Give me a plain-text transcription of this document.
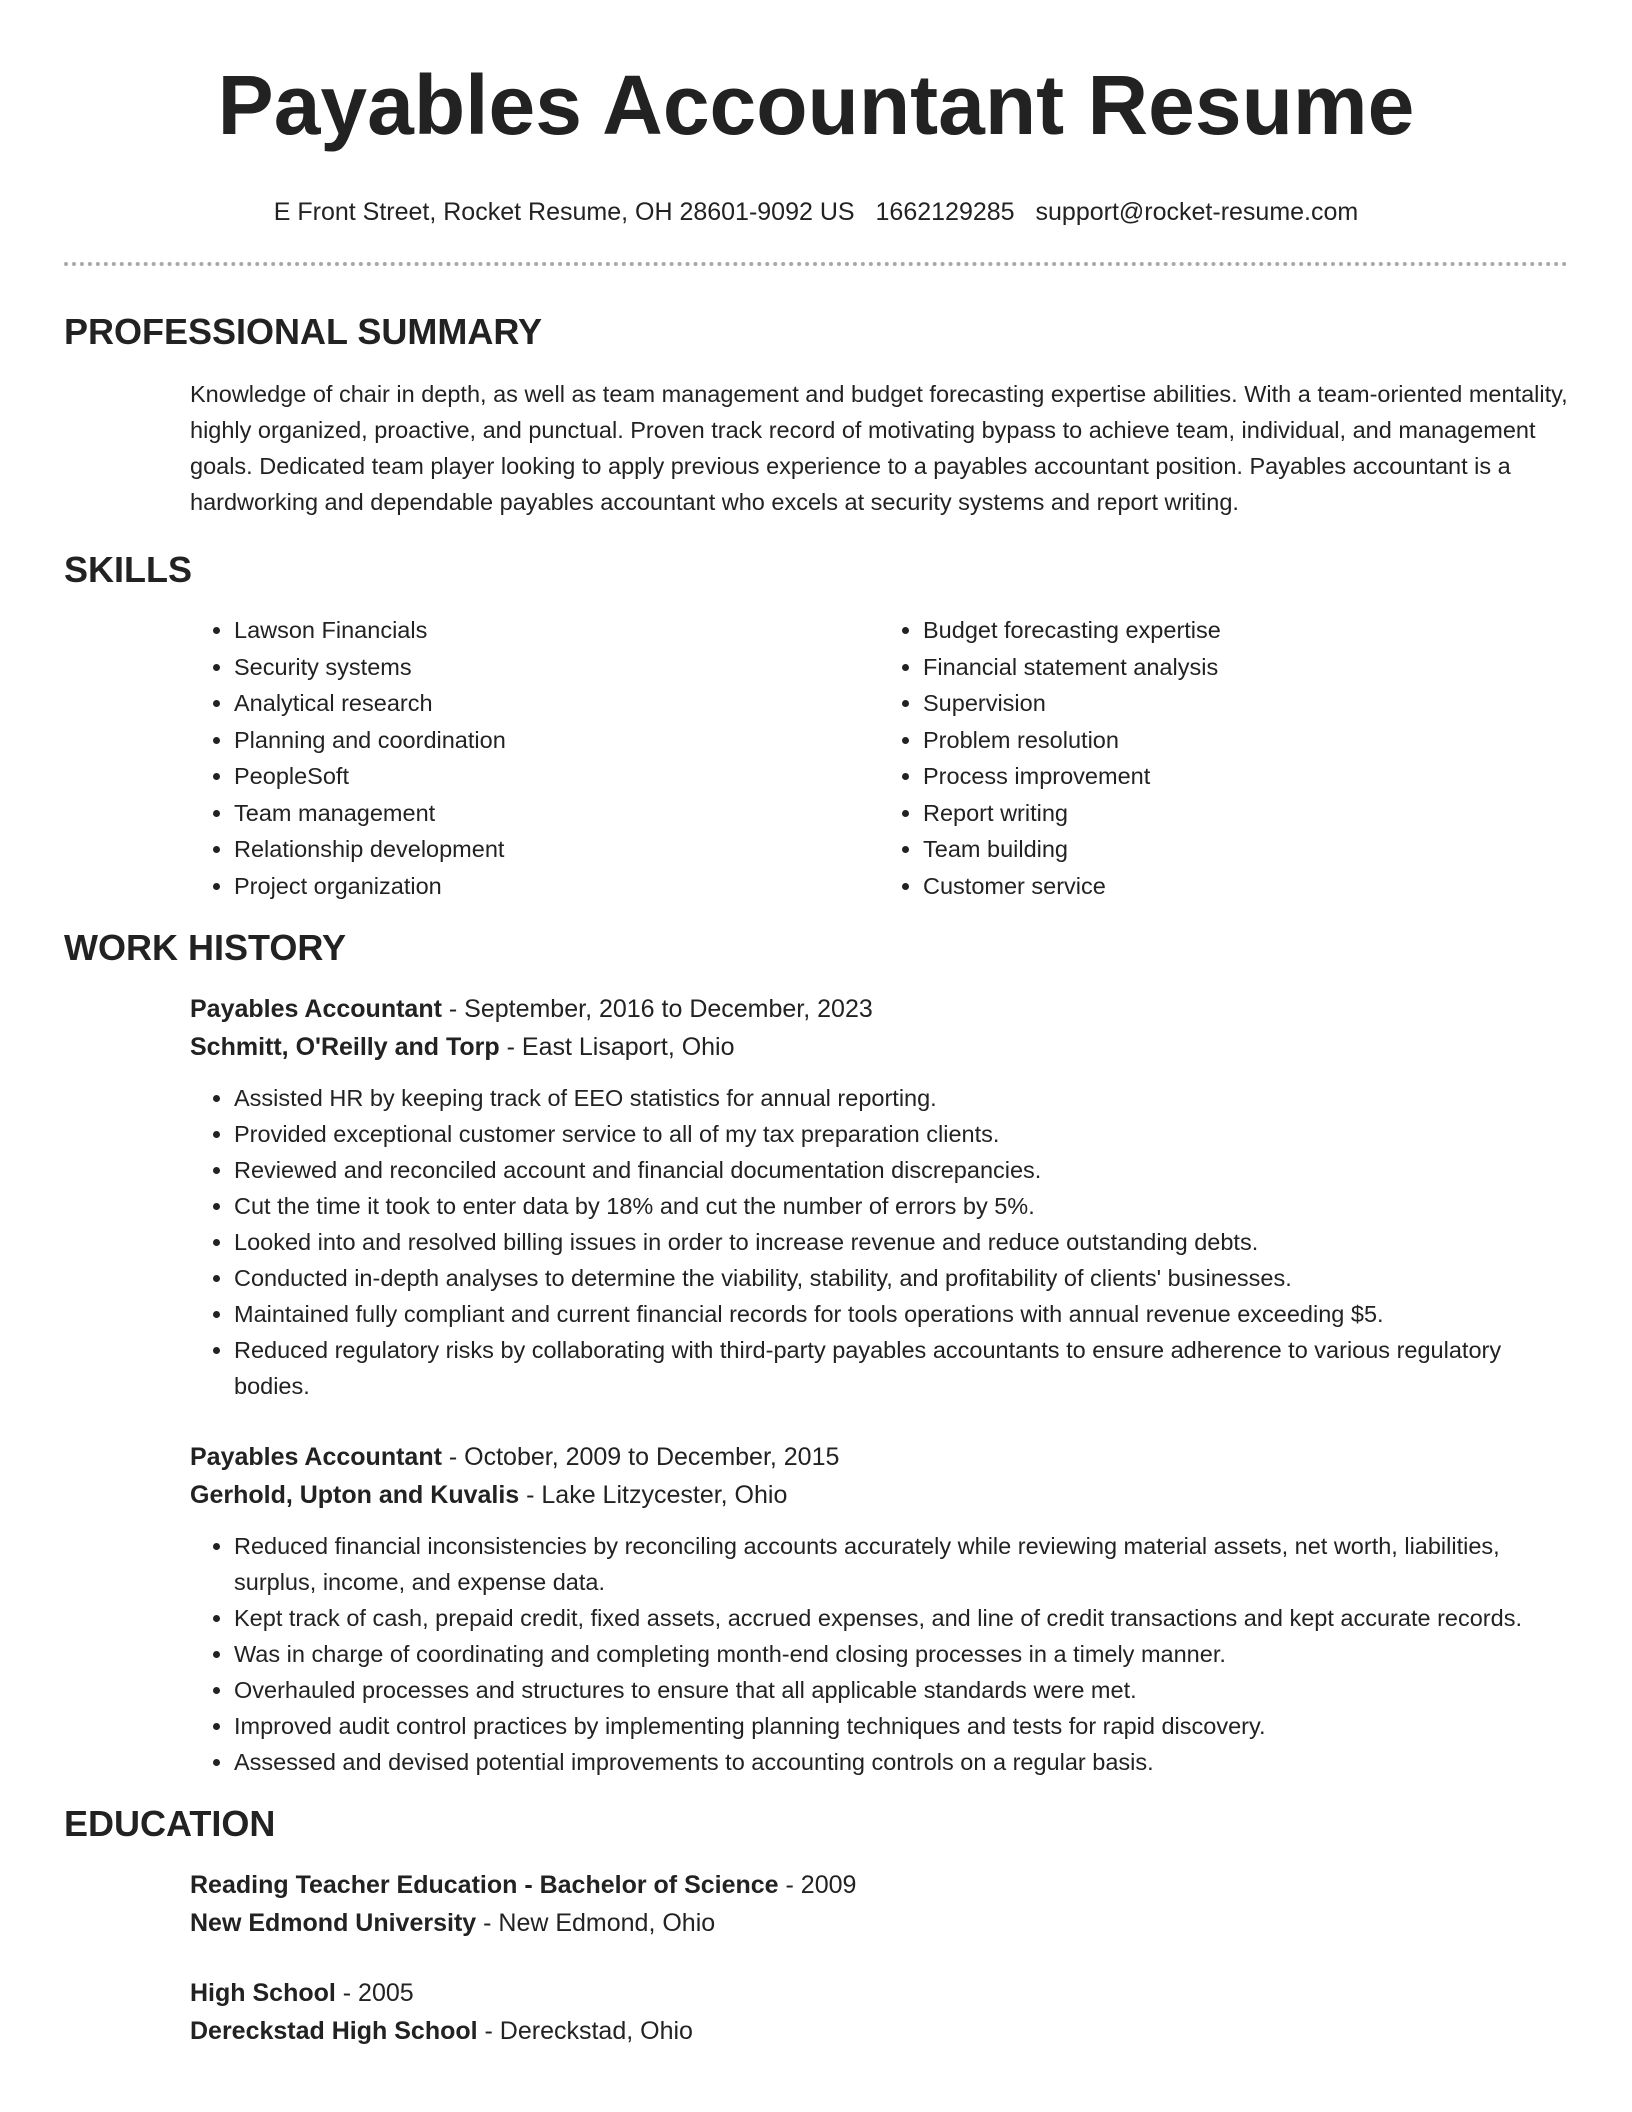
Payables Accountant Resume
E Front Street, Rocket Resume, OH 28601-9092 US 1662129285 support@rocket-resume.com
PROFESSIONAL SUMMARY

Knowledge of chair in depth, as well as team management and budget forecasting expertise abilities. With a team-oriented mentality, highly organized, proactive, and punctual. Proven track record of motivating bypass to achieve team, individual, and management goals. Dedicated team player looking to apply previous experience to a payables accountant position. Payables accountant is a hardworking and dependable payables accountant who excels at security systems and report writing.

SKILLS
• Lawson Financials
• Security systems
• Analytical research
• Planning and coordination
• PeopleSoft
• Team management
• Relationship development
• Project organization
• Budget forecasting expertise
• Financial statement analysis
• Supervision
• Problem resolution
• Process improvement
• Report writing
• Team building
• Customer service
WORK HISTORY
Payables Accountant - September, 2016 to December, 2023
Schmitt, O'Reilly and Torp - East Lisaport, Ohio
• Assisted HR by keeping track of EEO statistics for annual reporting.
• Provided exceptional customer service to all of my tax preparation clients.
• Reviewed and reconciled account and financial documentation discrepancies.
• Cut the time it took to enter data by 18% and cut the number of errors by 5%.
• Looked into and resolved billing issues in order to increase revenue and reduce outstanding debts.
• Conducted in-depth analyses to determine the viability, stability, and profitability of clients' businesses.
• Maintained fully compliant and current financial records for tools operations with annual revenue exceeding $5.
• Reduced regulatory risks by collaborating with third-party payables accountants to ensure adherence to various regulatory bodies.
Payables Accountant - October, 2009 to December, 2015
Gerhold, Upton and Kuvalis - Lake Litzycester, Ohio
• Reduced financial inconsistencies by reconciling accounts accurately while reviewing material assets, net worth, liabilities, surplus, income, and expense data.
• Kept track of cash, prepaid credit, fixed assets, accrued expenses, and line of credit transactions and kept accurate records.
• Was in charge of coordinating and completing month-end closing processes in a timely manner.
• Overhauled processes and structures to ensure that all applicable standards were met.
• Improved audit control practices by implementing planning techniques and tests for rapid discovery.
• Assessed and devised potential improvements to accounting controls on a regular basis.
EDUCATION
Reading Teacher Education - Bachelor of Science - 2009
New Edmond University - New Edmond, Ohio
High School - 2005
Dereckstad High School - Dereckstad, Ohio
